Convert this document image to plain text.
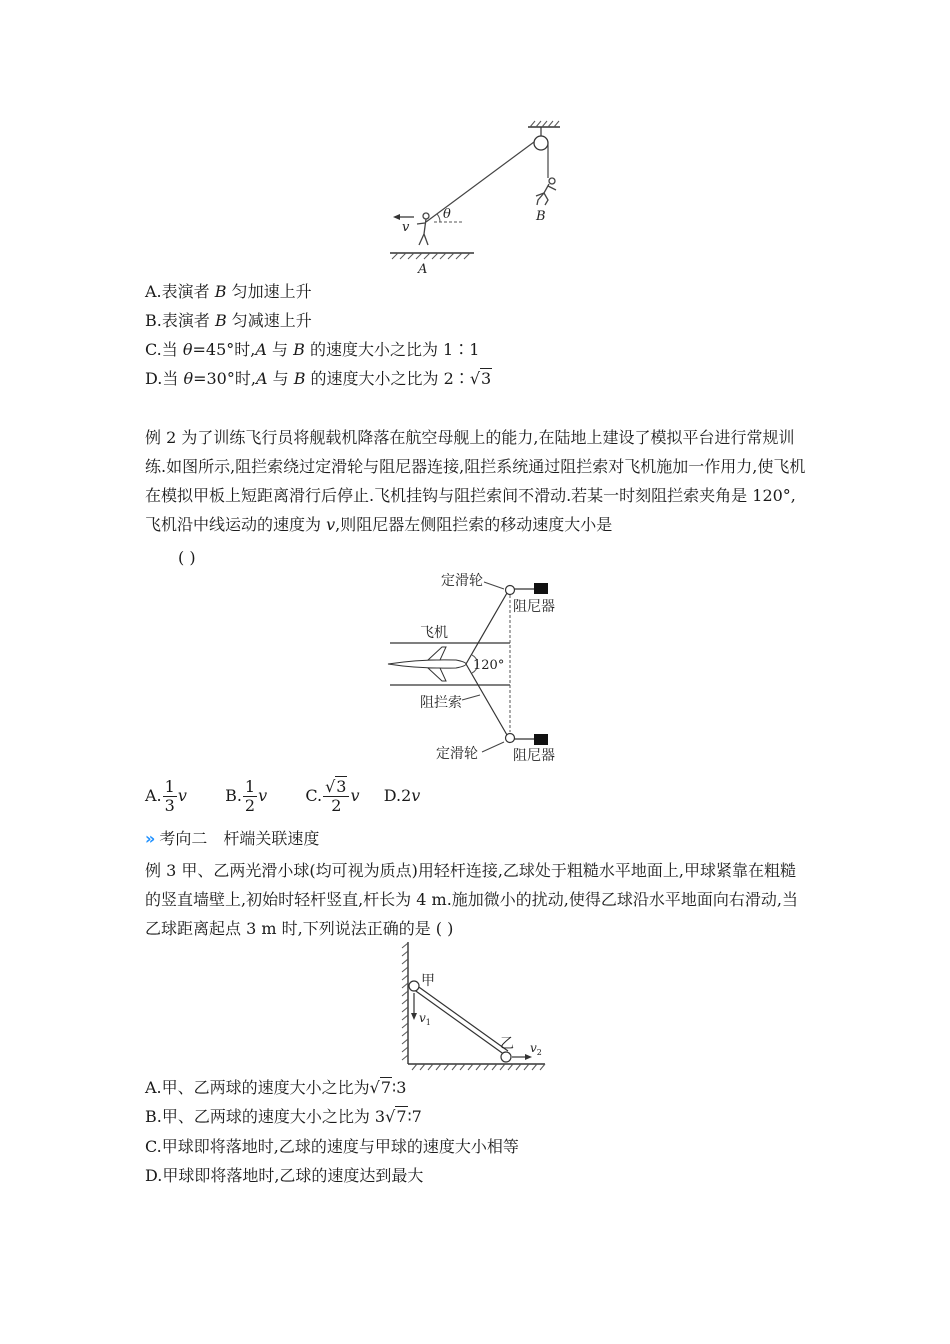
B
v
θ
A
A.表演者 B 匀加速上升
B.表演者 B 匀减速上升
C.当 θ=45°时,A 与 B 的速度大小之比为 1∶1
D.当 θ=30°时,A 与 B 的速度大小之比为 2∶√3
例 2 为了训练飞行员将舰载机降落在航空母舰上的能力,在陆地上建设了模拟平台进行常规训练.如图所示,阻拦索绕过定滑轮与阻尼器连接,阻拦系统通过阻拦索对飞机施加一作用力,使飞机在模拟甲板上短距离滑行后停止.飞机挂钩与阻拦索间不滑动.若某一时刻阻拦索夹角是 120°,飞机沿中线运动的速度为 v,则阻尼器左侧阻拦索的移动速度大小是
( )
定滑轮
阻尼器
飞机
120°
阻拦索
定滑轮	阻尼器
A. $\frac{1}{3}$ v B. $\frac{1}{2}$ v C. $\frac{√3}{2}$ v D.2v
» 考向二　杆端关联速度
例 3 甲、乙两光滑小球(均可视为质点)用轻杆连接,乙球处于粗糙水平地面上,甲球紧靠在粗糙的竖直墙壁上,初始时轻杆竖直,杆长为 4 m.施加微小的扰动,使得乙球沿水平地面向右滑动,当乙球距离起点 3 m 时,下列说法正确的是 ( )
甲
乙
$v_1$
$v_2$
A.甲、乙两球的速度大小之比为√7∶3
B.甲、乙两球的速度大小之比为 3√7∶7
C.甲球即将落地时,乙球的速度与甲球的速度大小相等
D.甲球即将落地时,乙球的速度达到最大
